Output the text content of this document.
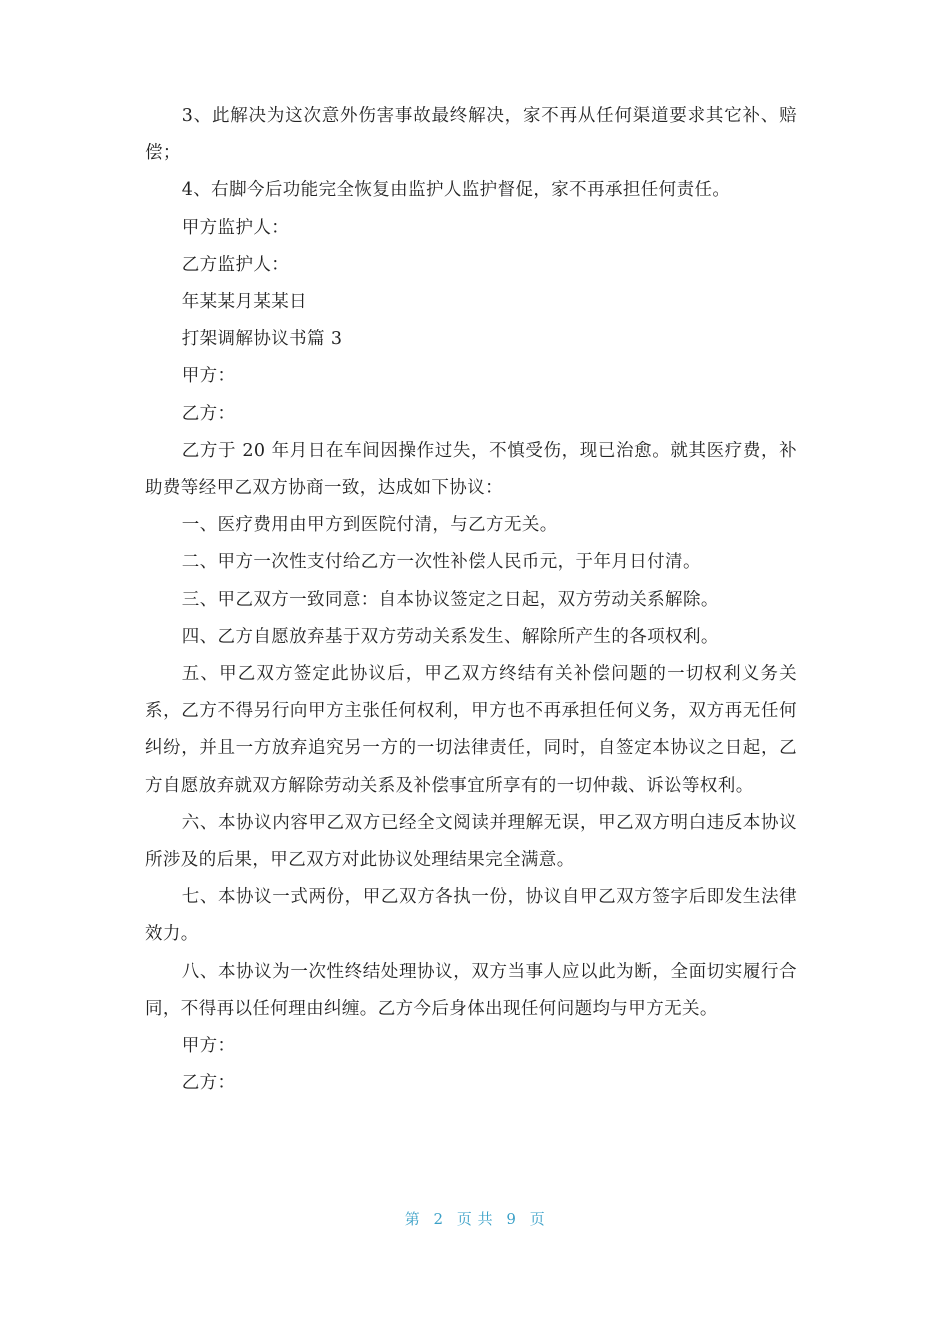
3、此解决为这次意外伤害事故最终解决，家不再从任何渠道要求其它补、赔偿；

4、右脚今后功能完全恢复由监护人监护督促，家不再承担任何责任。

甲方监护人：

乙方监护人：

年某某月某某日

打架调解协议书篇 3

甲方：

乙方：

乙方于 20 年月日在车间因操作过失，不慎受伤，现已治愈。就其医疗费，补助费等经甲乙双方协商一致，达成如下协议：

一、医疗费用由甲方到医院付清，与乙方无关。

二、甲方一次性支付给乙方一次性补偿人民币元，于年月日付清。

三、甲乙双方一致同意：自本协议签定之日起，双方劳动关系解除。

四、乙方自愿放弃基于双方劳动关系发生、解除所产生的各项权利。

五、甲乙双方签定此协议后，甲乙双方终结有关补偿问题的一切权利义务关系，乙方不得另行向甲方主张任何权利，甲方也不再承担任何义务，双方再无任何纠纷，并且一方放弃追究另一方的一切法律责任，同时，自签定本协议之日起，乙方自愿放弃就双方解除劳动关系及补偿事宜所享有的一切仲裁、诉讼等权利。

六、本协议内容甲乙双方已经全文阅读并理解无误，甲乙双方明白违反本协议所涉及的后果，甲乙双方对此协议处理结果完全满意。

七、本协议一式两份，甲乙双方各执一份，协议自甲乙双方签字后即发生法律效力。

八、本协议为一次性终结处理协议，双方当事人应以此为断，全面切实履行合同，不得再以任何理由纠缠。乙方今后身体出现任何问题均与甲方无关。

甲方：

乙方：

第 2 页 共 9 页
